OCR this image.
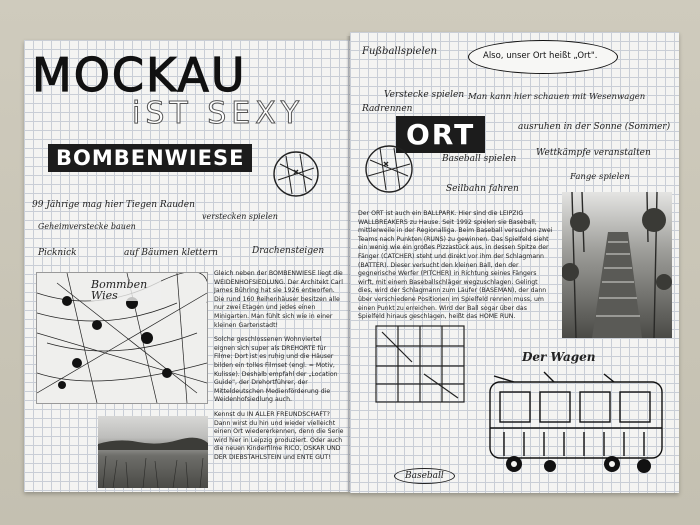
MOCKAU
iST SEXY
BOMBENWIESE
99 Jährige mag hier Tiegen Rauden
Geheimverstecke bauen
verstecken spielen
Picknick	auf Bäumen klettern	Drachensteigen
Bommben Wies

Gleich neben der BOMBENWIESE liegt die WEIDENHOFSIEDLUNG. Der Architekt Carl James Bühring hat sie 1926 entworfen. Die rund 160 Reihenhäuser besitzen alle nur zwei Etagen und jedes einen Minigarten. Man fühlt sich wie in einer kleinen Gartenstadt!

Solche geschlossenen Wohnviertel eignen sich super als DREHORTE für Filme: Dort ist es ruhig und die Häuser bilden ein tolles Filmset (engl. = Motiv, Kulisse). Deshalb empfahl der „Location Guide", der Drehortführer, der Mitteldeutschen Medienförderung die Weidenhofsiedlung auch.

Kennst du IN ALLER FREUNDSCHAFT? Dann wirst du hin und wieder vielleicht einen Ort wiedererkennen, denn die Serie wird hier in Leipzig produziert. Oder auch die neuen Kinderfilme RICO, OSKAR UND DER DIEBSTAHLSTEIN und ENTE GUT!

Fußballspielen	Also, unser Ort heißt „Ort".
Verstecke spielen Man kann hier schauen mit Wesenwagen
Radrennen
ORT	ausruhen in der Sonne (Sommer)
Baseball spielen
Wettkämpfe veranstalten
Fange spielen
Seilbahn fahren

Der ORT ist auch ein BALLPARK. Hier sind die LEIPZIG WALLBREAKERS zu Hause. Seit 1992 spielen sie Baseball, mittlerweile in der Regionalliga. Beim Baseball versuchen zwei Teams nach Punkten (RUNS) zu gewinnen. Das Spielfeld sieht ein wenig wie ein großes Pizzastück aus, in dessen Spitze der Fänger (CATCHER) steht und direkt vor ihm der Schlagmann (BATTER). Dieser versucht den kleinen Ball, den der gegnerische Werfer (PITCHER) in Richtung seines Fängers wirft, mit einem Baseballschläger wegzuschlagen. Gelingt dies, wird der Schlagmann zum Läufer (BASEMAN), der dann über verschiedene Positionen im Spielfeld rennen muss, um einen Punkt zu erreichen. Wird der Ball sogar über das Spielfeld hinaus geschlagen, heißt das HOME RUN.

Baseball
Der Wagen
